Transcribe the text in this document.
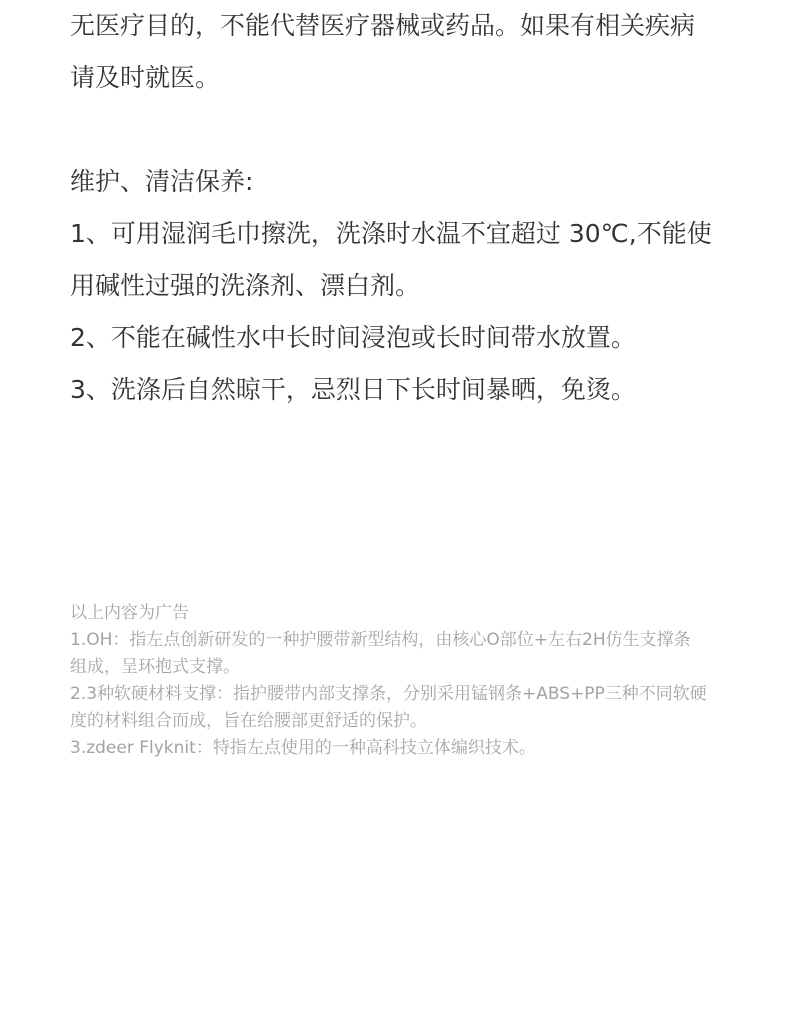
无医疗目的，不能代替医疗器械或药品。如果有相关疾病

请及时就医。

维护、清洁保养:

1、可用湿润毛巾擦洗，洗涤时水温不宜超过 30℃,不能使

用碱性过强的洗涤剂、漂白剂。

2、不能在碱性水中长时间浸泡或长时间带水放置。

3、洗涤后自然晾干，忌烈日下长时间暴晒，免烫。

以上内容为广告

1.OH：指左点创新研发的一种护腰带新型结构，由核心O部位+左右2H仿生支撑条

组成，呈环抱式支撑。

2.3种软硬材料支撑：指护腰带内部支撑条，分别采用锰钢条+ABS+PP三种不同软硬

度的材料组合而成，旨在给腰部更舒适的保护。

3.zdeer Flyknit：特指左点使用的一种高科技立体编织技术。
